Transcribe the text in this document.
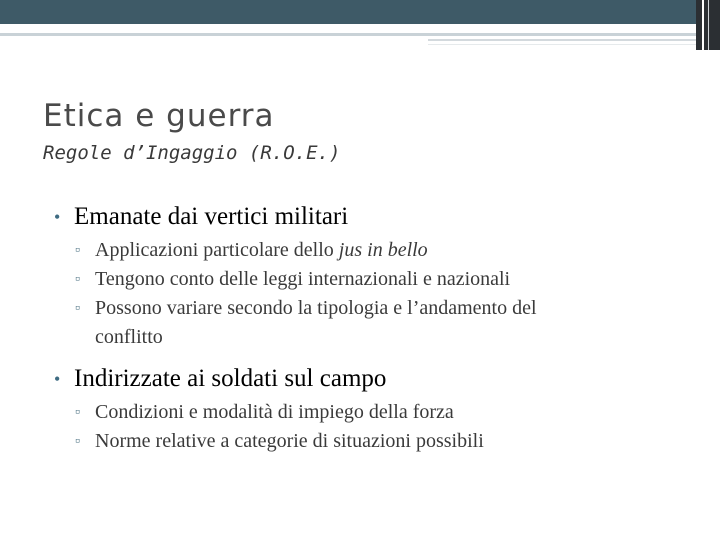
Etica e guerra
Regole d’Ingaggio (R.O.E.)
• Emanate dai vertici militari
▫ Applicazioni particolare dello jus in bello
▫ Tengono conto delle leggi internazionali e nazionali
▫ Possono variare secondo la tipologia e l’andamento del
conflitto
• Indirizzate ai soldati sul campo
▫ Condizioni e modalità di impiego della forza
▫ Norme relative a categorie di situazioni possibili
